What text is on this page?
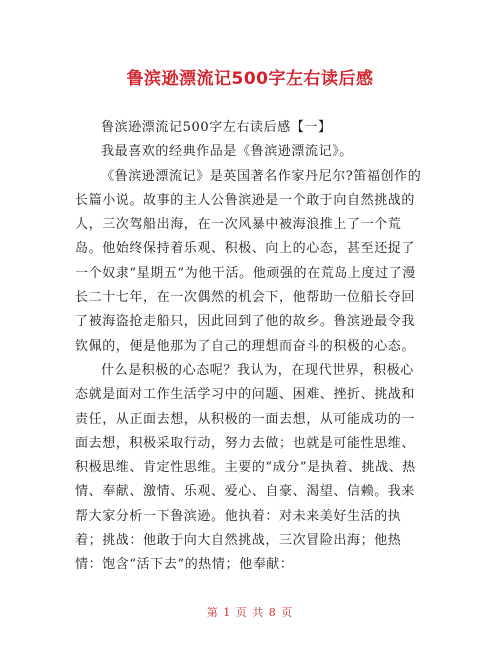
鲁滨逊漂流记500字左右读后感

鲁滨逊漂流记500字左右读后感【一】

我最喜欢的经典作品是《鲁滨逊漂流记》。

《鲁滨逊漂流记》是英国著名作家丹尼尔?笛福创作的长篇小说。故事的主人公鲁滨逊是一个敢于向自然挑战的人，三次驾船出海，在一次风暴中被海浪推上了一个荒岛。他始终保持着乐观、积极、向上的心态，甚至还捉了一个奴隶“星期五”为他干活。他顽强的在荒岛上度过了漫长二十七年，在一次偶然的机会下，他帮助一位船长夺回了被海盗抢走船只，因此回到了他的故乡。鲁滨逊最令我钦佩的，便是他那为了自己的理想而奋斗的积极的心态。

什么是积极的心态呢？我认为，在现代世界，积极心态就是面对工作生活学习中的问题、困难、挫折、挑战和责任，从正面去想，从积极的一面去想，从可能成功的一面去想，积极采取行动，努力去做；也就是可能性思维、积极思维、肯定性思维。主要的“成分”是执着、挑战、热情、奉献、激情、乐观、爱心、自豪、渴望、信赖。我来帮大家分析一下鲁滨逊。他执着：对未来美好生活的执着；挑战：他敢于向大自然挑战，三次冒险出海；他热情：饱含“活下去”的热情；他奉献：

第 1 页 共 8 页
